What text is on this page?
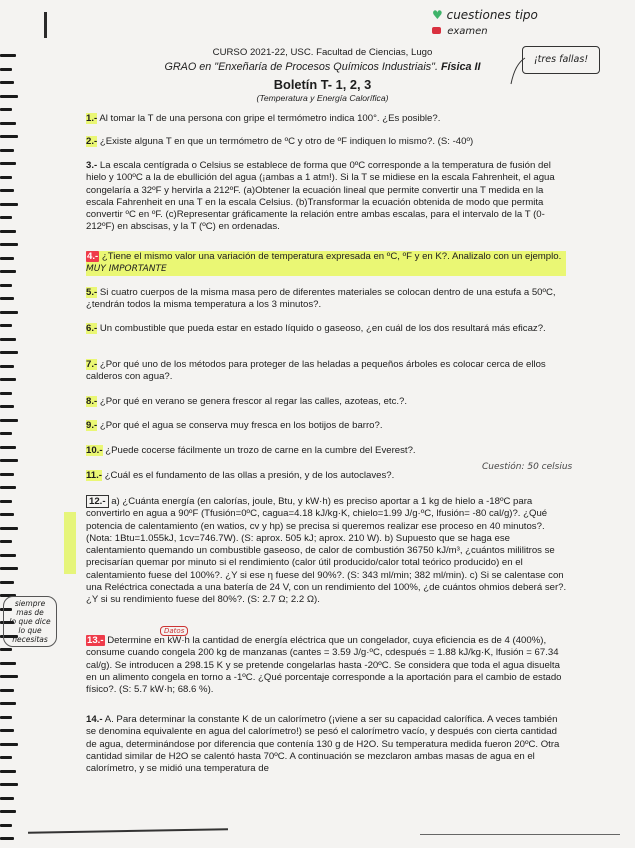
♥ cuestiones tipo
examen
¡tres fallas!
CURSO 2021-22, USC. Facultad de Ciencias, Lugo
GRAO en "Enxeñaría de Procesos Químicos Industriais". Física II
Boletín T- 1, 2, 3
(Temperatura y Energía Calorífica)

1.- Al tomar la T de una persona con gripe el termómetro indica 100°. ¿Es posible?.

2.- ¿Existe alguna T en que un termómetro de ºC y otro de ºF indiquen lo mismo?. (S: -40º)

3.- La escala centígrada o Celsius se establece de forma que 0ºC corresponde a la temperatura de fusión del hielo y 100ºC a la de ebullición del agua (¡ambas a 1 atm!). Si la T se midiese en la escala Fahrenheit, el agua congelaría a 32ºF y hervirla a 212ºF. (a)Obtener la ecuación lineal que permite convertir una T medida en la escala Fahrenheit en una T en la escala Celsius. (b)Transformar la ecuación obtenida de modo que permita convertir ºC en ºF. (c)Representar gráficamente la relación entre ambas escalas, para el intervalo de la T (0-212ºF) en abscisas, y la T (ºC) en ordenadas.

4.- ¿Tiene el mismo valor una variación de temperatura expresada en ºC, ºF y en K?. Analizalo con un ejemplo. MUY IMPORTANTE

5.- Si cuatro cuerpos de la misma masa pero de diferentes materiales se colocan dentro de una estufa a 50ºC, ¿tendrán todos la misma temperatura a los 3 minutos?.

6.- Un combustible que pueda estar en estado líquido o gaseoso, ¿en cuál de los dos resultará más eficaz?.

7.- ¿Por qué uno de los métodos para proteger de las heladas a pequeños árboles es colocar cerca de ellos calderos con agua?.

8.- ¿Por qué en verano se genera frescor al regar las calles, azoteas, etc.?.

9.- ¿Por qué el agua se conserva muy fresca en los botijos de barro?.

10.- ¿Puede cocerse fácilmente un trozo de carne en la cumbre del Everest?.

11.- ¿Cuál es el fundamento de las ollas a presión, y de los autoclaves?.

Cuestión: 50 celsius

12.- a) ¿Cuánta energía (en calorías, joule, Btu, y kW·h) es preciso aportar a 1 kg de hielo a -18ºC para convertirlo en agua a 90ºF (Tfusión=0ºC, cagua=4.18 kJ/kg·K, chielo=1.99 J/g·ºC, lfusión= -80 cal/g)?. ¿Qué potencia de calentamiento (en watios, cv y hp) se precisa si queremos realizar ese proceso en 40 minutos?. (Nota: 1Btu=1.055kJ, 1cv=746.7W). (S: aprox. 505 kJ; aprox. 210 W). b) Supuesto que se haga ese calentamiento quemando un combustible gaseoso, de calor de combustión 36750 kJ/m³, ¿cuántos mililitros se precisarían quemar por minuto si el rendimiento (calor útil producido/calor total teórico producido) en el calentamiento fuese del 100%?. ¿Y si ese η fuese del 90%?. (S: 343 ml/min; 382 ml/min). c) Si se calentase con una Reléctrica conectada a una batería de 24 V, con un rendimiento del 100%, ¿de cuántos ohmios deberá ser?. ¿Y si su rendimiento fuese del 80%?. (S: 2.7 Ω; 2.2 Ω).

siempre
mas de
lo que dice
lo que necesitas
Datos

13.- Determine en kW·h la cantidad de energía eléctrica que un congelador, cuya eficiencia es de 4 (400%), consume cuando congela 200 kg de manzanas (cantes = 3.59 J/g·ºC, cdespués = 1.88 kJ/kg·K, lfusión = 67.34 cal/g). Se introducen a 298.15 K y se pretende congelarlas hasta -20ºC. Se considera que toda el agua disuelta en un alimento congela en torno a -1ºC. ¿Qué porcentaje corresponde a la aportación para el cambio de estado físico?. (S: 5.7 kW·h; 68.6 %).

14.- A. Para determinar la constante K de un calorímetro (¡viene a ser su capacidad calorífica. A veces también se denomina equivalente en agua del calorímetro!) se pesó el calorímetro vacío, y después con cierta cantidad de agua, determinándose por diferencia que contenía 130 g de H2O. Su temperatura medida fueron 20ºC. Otra cantidad similar de H2O se calentó hasta 70ºC. A continuación se mezclaron ambas masas de agua en el calorímetro, y se midió una temperatura de
